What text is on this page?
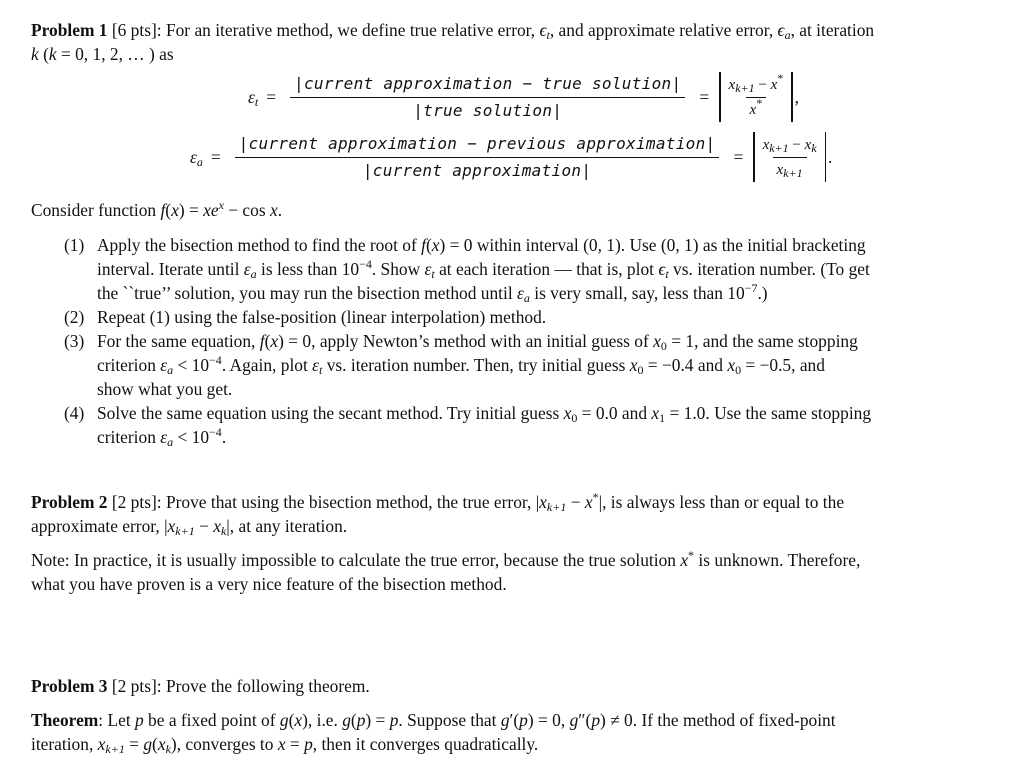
Problem 1 [6 pts]: For an iterative method, we define true relative error, $\epsilon_t$, and approximate relative error, $\epsilon_a$, at iteration

k (k = 0, 1, 2, … ) as

$\varepsilon_t = \frac{\text{|current approximation − true solution|}}{\text{|true solution|}} = \frac{x_{k+1} - x^*}{x^*}$ ,
$\varepsilon_a = \frac{\text{|current approximation − previous approximation|}}{\text{|current approximation|}} = \frac{x_{k+1} - x_k}{x_{k+1}}$ .

Consider function $f(x) = xe^x - \cos x$.

(1) Apply the bisection method to find the root of f(x) = 0 within interval (0, 1). Use (0, 1) as the initial bracketing
interval. Iterate until $\varepsilon_a$ is less than $10^{-4}$. Show $\varepsilon_t$ at each iteration — that is, plot $\epsilon_t$ vs. iteration number. (To get
the ``true’’ solution, you may run the bisection method until $\varepsilon_a$ is very small, say, less than $10^{-7}$.)
(2) Repeat (1) using the false-position (linear interpolation) method.
(3) For the same equation, f(x) = 0, apply Newton’s method with an initial guess of $x_0 = 1$, and the same stopping
criterion $\varepsilon_a < 10^{-4}$. Again, plot $\varepsilon_t$ vs. iteration number. Then, try initial guess $x_0 = -0.4$ and $x_0 = -0.5$, and
show what you get.
(4) Solve the same equation using the secant method. Try initial guess $x_0 = 0.0$ and $x_1 = 1.0$. Use the same stopping
criterion $\varepsilon_a < 10^{-4}$.

Problem 2 [2 pts]: Prove that using the bisection method, the true error, $|x_{k+1} - x^*|$, is always less than or equal to the

approximate error, $|x_{k+1} - x_k|$, at any iteration.

Note: In practice, it is usually impossible to calculate the true error, because the true solution x* is unknown. Therefore,

what you have proven is a very nice feature of the bisection method.

Problem 3 [2 pts]: Prove the following theorem.

Theorem: Let p be a fixed point of g(x), i.e. g(p) = p. Suppose that g′(p) = 0, g″(p) ≠ 0. If the method of fixed-point

iteration, $x_{k+1} = g(x_k)$, converges to x = p, then it converges quadratically.
